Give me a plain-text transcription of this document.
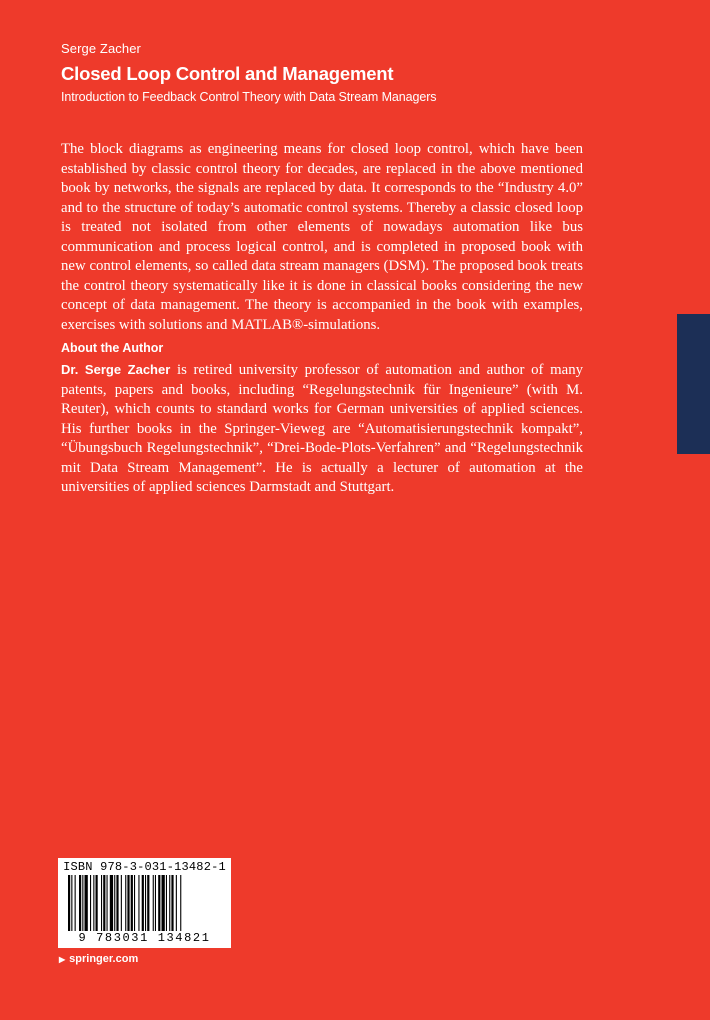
Serge Zacher
Closed Loop Control and Management
Introduction to Feedback Control Theory with Data Stream Managers

The block diagrams as engineering means for closed loop control, which have been established by classic control theory for decades, are replaced in the above mentioned book by networks, the signals are replaced by data. It corresponds to the “Industry 4.0” and to the structure of today’s automatic control systems. Thereby a classic closed loop is treated not isolated from other elements of nowadays automation like bus communication and process logical control, and is completed in proposed book with new control elements, so called data stream managers (DSM). The proposed book treats the control theory systematically like it is done in classical books considering the new concept of data management. The theory is accompanied in the book with examples, exercises with solutions and MATLAB®-simulations.

About the Author

Dr. Serge Zacher is retired university professor of automation and author of many patents, papers and books, including “Regelungstechnik für Ingenieure” (with M. Reuter), which counts to standard works for German universities of applied sciences. His further books in the Springer-Vieweg are “Automatisierungstechnik kompakt”, “Übungsbuch Regelungstechnik”, “Drei-Bode-Plots-Verfahren” and “Regelungstechnik mit Data Stream Management”. He is actually a lecturer of automation at the universities of applied sciences Darmstadt and Stuttgart.

ISBN 978-3-031-13482-1
9 783031 134821
▶ springer.com
